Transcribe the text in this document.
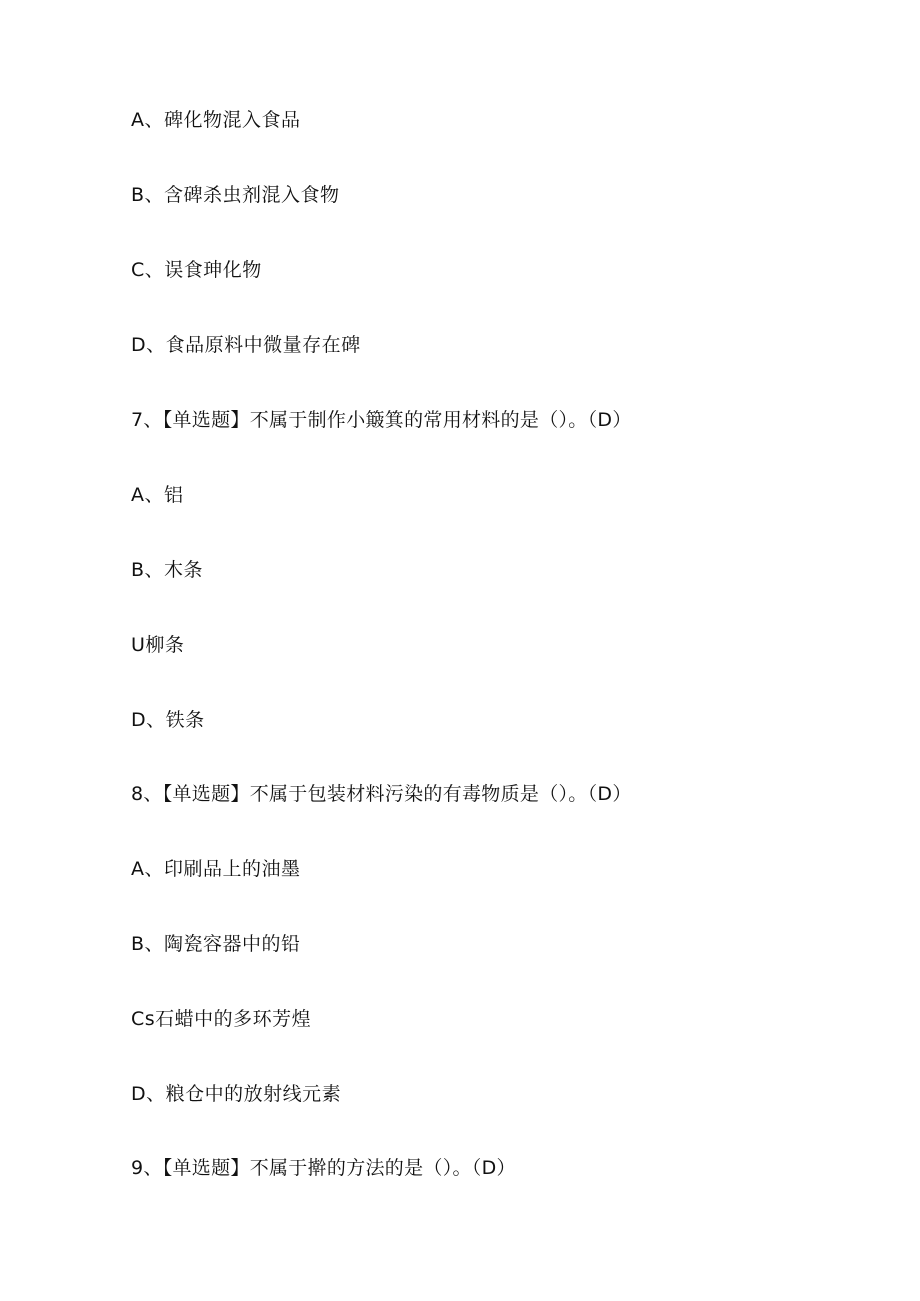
A、碑化物混入食品
B、含碑杀虫剂混入食物
C、误食珅化物
D、食品原料中微量存在碑
7、【单选题】不属于制作小簸箕的常用材料的是（）。（D）
A、铝
B、木条
U柳条
D、铁条
8、【单选题】不属于包装材料污染的有毒物质是（）。（D）
A、印刷品上的油墨
B、陶瓷容器中的铅
Cs石蜡中的多环芳煌
D、粮仓中的放射线元素
9、【单选题】不属于擀的方法的是（）。（D）
